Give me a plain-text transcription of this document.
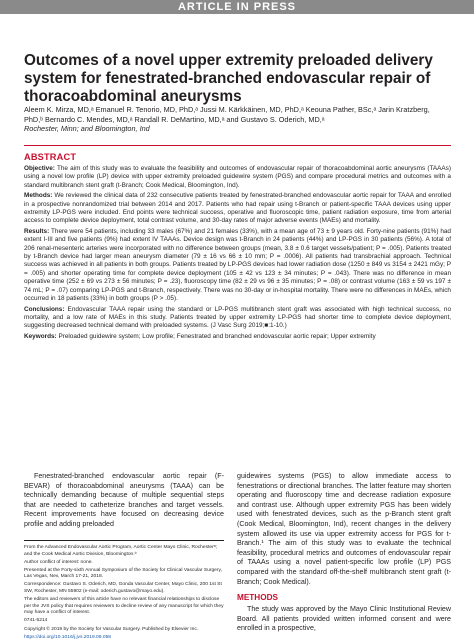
ARTICLE IN PRESS
Outcomes of a novel upper extremity preloaded delivery system for fenestrated-branched endovascular repair of thoracoabdominal aneurysms

Aleem K. Mirza, MD,ᵃ Emanuel R. Tenorio, MD, PhD,ᵃ Jussi M. Kärkkäinen, MD, PhD,ᵃ Keouna Pather, BSc,ᵃ Jarin Kratzberg, PhD,ᵇ Bernardo C. Mendes, MD,ᵃ Randall R. DeMartino, MD,ᵃ and Gustavo S. Oderich, MD,ᵃ

Rochester, Minn; and Bloomington, Ind

ABSTRACT

Objective: The aim of this study was to evaluate the feasibility and outcomes of endovascular repair of thoracoabdominal aortic aneurysms (TAAAs) using a novel low profile (LP) device with upper extremity preloaded guidewire system (PGS) and compare procedural metrics and outcomes with a standard multibranch stent graft (t-Branch; Cook Medical, Bloomington, Ind).

Methods: We reviewed the clinical data of 232 consecutive patients treated by fenestrated-branched endovascular aortic repair for TAAA and enrolled in a prospective nonrandomized trial between 2014 and 2017. Patients who had repair using t-Branch or patient-specific TAAA devices using upper extremity LP-PGS were included. End points were technical success, operative and fluoroscopic time, patient radiation exposure, time from arterial access to complete device deployment, total contrast volume, and 30-day rates of major adverse events (MAEs) and mortality.

Results: There were 54 patients, including 33 males (67%) and 21 females (33%), with a mean age of 73 ± 9 years old. Forty-nine patients (91%) had extent I-III and five patients (9%) had extent IV TAAAs. Device design was t-Branch in 24 patients (44%) and LP-PGS in 30 patients (56%). A total of 206 renal-mesenteric arteries were incorporated with no difference between groups (mean, 3.8 ± 0.6 target vessels/patient; P = .005). Patients treated by t-Branch device had larger mean aneurysm diameter (79 ± 16 vs 66 ± 10 mm; P = .0006). All patients had transbrachial approach. Technical success was achieved in all patients in both groups. Patients treated by LP-PGS devices had lower radiation dose (1250 ± 849 vs 3154 ± 2421 mGy; P = .005) and shorter operating time for complete device deployment (105 ± 42 vs 123 ± 34 minutes; P = .043). There was no difference in mean operative time (252 ± 69 vs 273 ± 56 minutes; P = .23), fluoroscopy time (82 ± 29 vs 96 ± 35 minutes; P = .08) or contrast volume (163 ± 59 vs 197 ± 74 mL; P = .07) comparing LP-PGS and t-Branch, respectively. There was no 30-day or in-hospital mortality. There were no differences in MAEs, which occurred in 18 patients (33%) in both groups (P > .05).

Conclusions: Endovascular TAAA repair using the standard or LP-PGS multibranch stent graft was associated with high technical success, no mortality, and a low rate of MAEs in this study. Patients treated by upper extremity LP-PGS had shorter time to complete device deployment, suggesting decreased technical demand with preloaded systems. (J Vasc Surg 2019;■:1-10.)

Keywords: Preloaded guidewire system; Low profile; Fenestrated and branched endovascular aortic repair; Upper extremity

Fenestrated-branched endovascular aortic repair (F-BEVAR) of thoracoabdominal aneurysms (TAAA) can be technically demanding because of multiple sequential steps that are needed to catheterize branches and target vessels. Recent improvements have focused on decreasing device profile and adding preloaded

guidewires systems (PGS) to allow immediate access to fenestrations or directional branches. The latter feature may shorten operating and fluoroscopy time and decrease radiation exposure and contrast use. Although upper extremity PGS has been widely used with fenestrated devices, such as the p-Branch stent graft (Cook Medical, Bloomington, Ind), recent changes in the delivery system allowed its use via upper extremity access for PGS for t-Branch.¹ The aim of this study was to evaluate the technical feasibility, procedural metrics and outcomes of endovascular repair of TAAAs using a novel patient-specific low profile (LP) PGS compared with the standard off-the-shelf multibranch stent graft (t-Branch; Cook Medical).

METHODS

The study was approved by the Mayo Clinic Institutional Review Board. All patients provided written informed consent and were enrolled in a prospective,

From the Advanced Endovascular Aortic Program, Aortic Center Mayo Clinic, Rochesterᵃ; and the Cook Medical Aortic Division, Bloomington.ᵇ

Author conflict of interest: none.

Presented at the Forty-sixth Annual Symposium of the Society for Clinical Vascular Surgery, Las Vegas, Nev, March 17-21, 2018.

Correspondence: Gustavo S. Oderich, MD, Gonda Vascular Center, Mayo Clinic, 200 1st St SW, Rochester, MN 55902 (e-mail: oderich.gustavo@mayo.edu).

The editors and reviewers of this article have no relevant financial relationships to disclose per the JVS policy that requires reviewers to decline review of any manuscript for which they may have a conflict of interest.

0741-5214

Copyright © 2019 by the Society for Vascular Surgery. Published by Elsevier Inc.

https://doi.org/10.1016/j.jvs.2019.09.058
